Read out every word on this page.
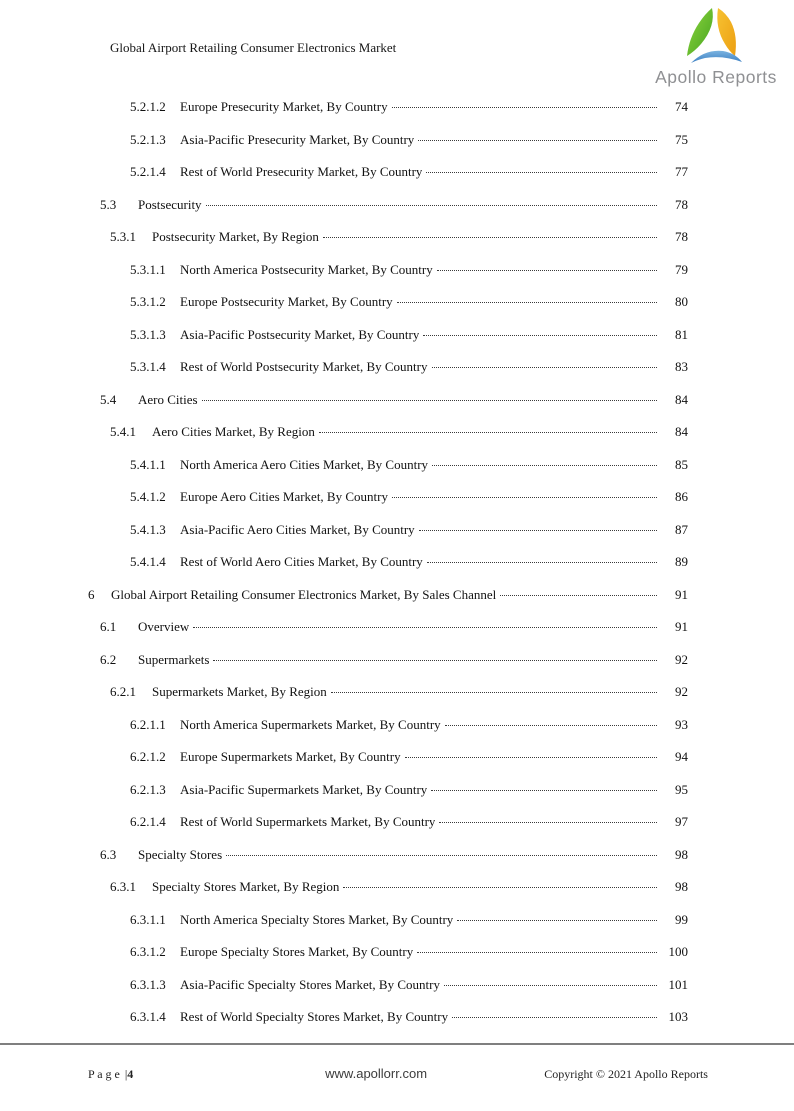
Global Airport Retailing Consumer Electronics Market
Apollo Reports
5.2.1.2	Europe Presecurity Market, By Country	74
5.2.1.3	Asia-Pacific Presecurity Market, By Country	75
5.2.1.4	Rest of World Presecurity Market, By Country	77
5.3	Postsecurity	78
5.3.1	Postsecurity Market, By Region	78
5.3.1.1	North America Postsecurity Market, By Country	79
5.3.1.2	Europe Postsecurity Market, By Country	80
5.3.1.3	Asia-Pacific Postsecurity Market, By Country	81
5.3.1.4	Rest of World Postsecurity Market, By Country	83
5.4	Aero Cities	84
5.4.1	Aero Cities Market, By Region	84
5.4.1.1	North America Aero Cities Market, By Country	85
5.4.1.2	Europe Aero Cities Market, By Country	86
5.4.1.3	Asia-Pacific Aero Cities Market, By Country	87
5.4.1.4	Rest of World Aero Cities Market, By Country	89
6	Global Airport Retailing Consumer Electronics Market, By Sales Channel	91
6.1	Overview	91
6.2	Supermarkets	92
6.2.1	Supermarkets Market, By Region	92
6.2.1.1	North America Supermarkets Market, By Country	93
6.2.1.2	Europe Supermarkets Market, By Country	94
6.2.1.3	Asia-Pacific Supermarkets Market, By Country	95
6.2.1.4	Rest of World Supermarkets Market, By Country	97
6.3	Specialty Stores	98
6.3.1	Specialty Stores Market, By Region	98
6.3.1.1	North America Specialty Stores Market, By Country	99
6.3.1.2	Europe Specialty Stores Market, By Country	100
6.3.1.3	Asia-Pacific Specialty Stores Market, By Country	101
6.3.1.4	Rest of World Specialty Stores Market, By Country	103
P a g e |4	www.apollorr.com	Copyright © 2021 Apollo Reports
